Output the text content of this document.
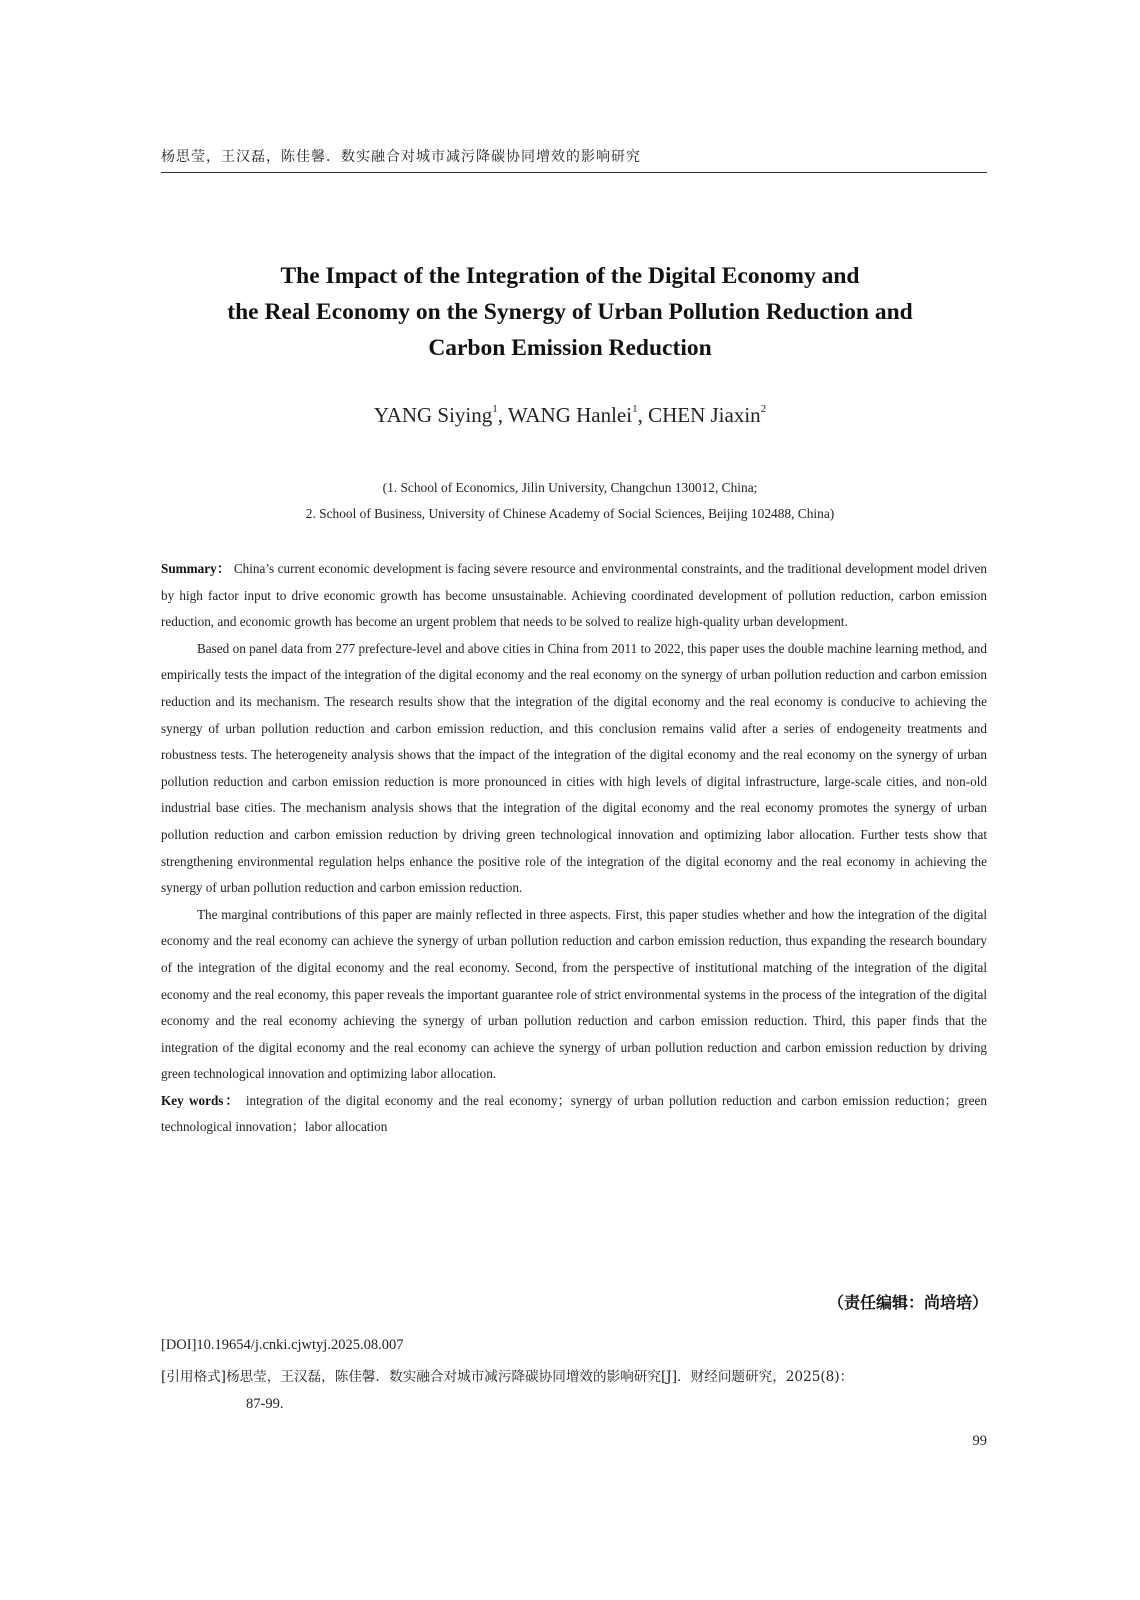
杨思莹，王汉磊，陈佳馨．数实融合对城市减污降碳协同增效的影响研究
The Impact of the Integration of the Digital Economy and
the Real Economy on the Synergy of Urban Pollution Reduction and
Carbon Emission Reduction
YANG Siying$^1$, WANG Hanlei$^1$, CHEN Jiaxin$^2$
(1. School of Economics, Jilin University, Changchun 130012, China;
2. School of Business, University of Chinese Academy of Social Sciences, Beijing 102488, China)

Summary： China’s current economic development is facing severe resource and environmental constraints, and the traditional development model driven by high factor input to drive economic growth has become unsustainable. Achieving coordinated development of pollution reduction, carbon emission reduction, and economic growth has become an urgent problem that needs to be solved to realize high-quality urban development.

Based on panel data from 277 prefecture-level and above cities in China from 2011 to 2022, this paper uses the double machine learning method, and empirically tests the impact of the integration of the digital economy and the real economy on the synergy of urban pollution reduction and carbon emission reduction and its mechanism. The research results show that the integration of the digital economy and the real economy is conducive to achieving the synergy of urban pollution reduction and carbon emission reduction, and this conclusion remains valid after a series of endogeneity treatments and robustness tests. The heterogeneity analysis shows that the impact of the integration of the digital economy and the real economy on the synergy of urban pollution reduction and carbon emission reduction is more pronounced in cities with high levels of digital infrastructure, large-scale cities, and non-old industrial base cities. The mechanism analysis shows that the integration of the digital economy and the real economy promotes the synergy of urban pollution reduction and carbon emission reduction by driving green technological innovation and optimizing labor allocation. Further tests show that strengthening environmental regulation helps enhance the positive role of the integration of the digital economy and the real economy in achieving the synergy of urban pollution reduction and carbon emission reduction.

The marginal contributions of this paper are mainly reflected in three aspects. First, this paper studies whether and how the integration of the digital economy and the real economy can achieve the synergy of urban pollution reduction and carbon emission reduction, thus expanding the research boundary of the integration of the digital economy and the real economy. Second, from the perspective of institutional matching of the integration of the digital economy and the real economy, this paper reveals the important guarantee role of strict environmental systems in the process of the integration of the digital economy and the real economy achieving the synergy of urban pollution reduction and carbon emission reduction. Third, this paper finds that the integration of the digital economy and the real economy can achieve the synergy of urban pollution reduction and carbon emission reduction by driving green technological innovation and optimizing labor allocation.

Key words： integration of the digital economy and the real economy；synergy of urban pollution reduction and carbon emission reduction；green technological innovation；labor allocation

（责任编辑：尚培培）
[DOI]10.19654/j.cnki.cjwtyj.2025.08.007
[引用格式]杨思莹，王汉磊，陈佳馨．数实融合对城市减污降碳协同增效的影响研究[J]．财经问题研究，2025(8)：
87-99.
99
